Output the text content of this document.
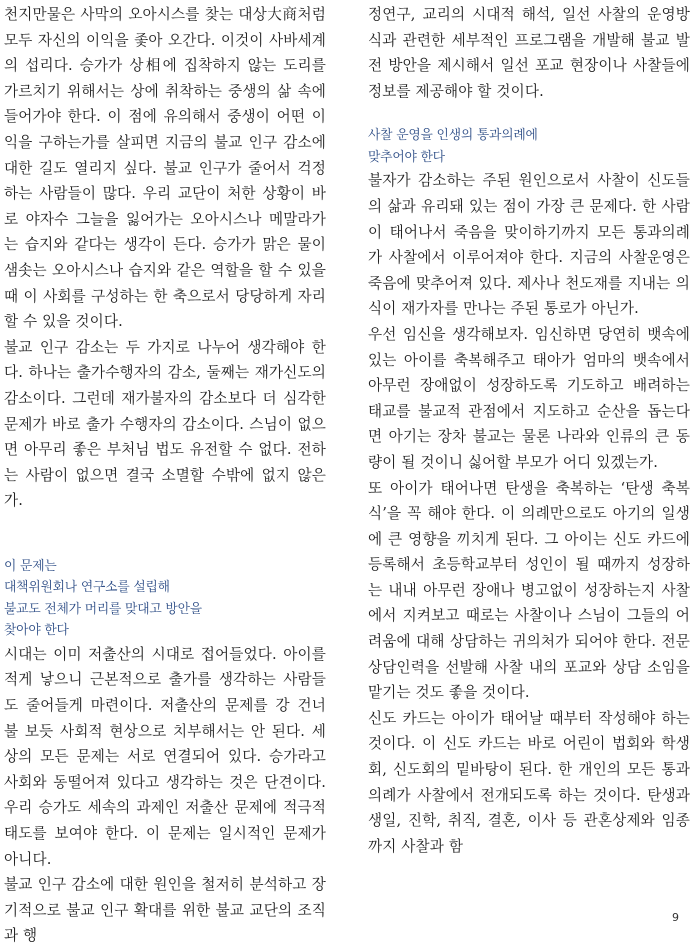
천지만물은 사막의 오아시스를 찾는 대상大商처럼 모두 자신의 이익을 좇아 오간다. 이것이 사바세계의 섭리다. 승가가 상相에 집착하지 않는 도리를 가르치기 위해서는 상에 취착하는 중생의 삶 속에 들어가야 한다. 이 점에 유의해서 중생이 어떤 이익을 구하는가를 살피면 지금의 불교 인구 감소에 대한 길도 열리지 싶다. 불교 인구가 줄어서 걱정하는 사람들이 많다. 우리 교단이 처한 상황이 바로 야자수 그늘을 잃어가는 오아시스나 메말라가는 습지와 같다는 생각이 든다. 승가가 맑은 물이 샘솟는 오아시스나 습지와 같은 역할을 할 수 있을 때 이 사회를 구성하는 한 축으로서 당당하게 자리할 수 있을 것이다.

불교 인구 감소는 두 가지로 나누어 생각해야 한다. 하나는 출가수행자의 감소, 둘째는 재가신도의 감소이다. 그런데 재가불자의 감소보다 더 심각한 문제가 바로 출가 수행자의 감소이다. 스님이 없으면 아무리 좋은 부처님 법도 유전할 수 없다. 전하는 사람이 없으면 결국 소멸할 수밖에 없지 않은가.

이 문제는
대책위원회나 연구소를 설립해
불교도 전체가 머리를 맞대고 방안을
찾아야 한다

시대는 이미 저출산의 시대로 접어들었다. 아이를 적게 낳으니 근본적으로 출가를 생각하는 사람들도 줄어들게 마련이다. 저출산의 문제를 강 건너 불 보듯 사회적 현상으로 치부해서는 안 된다. 세상의 모든 문제는 서로 연결되어 있다. 승가라고 사회와 동떨어져 있다고 생각하는 것은 단견이다. 우리 승가도 세속의 과제인 저출산 문제에 적극적 태도를 보여야 한다. 이 문제는 일시적인 문제가 아니다.

불교 인구 감소에 대한 원인을 철저히 분석하고 장기적으로 불교 인구 확대를 위한 불교 교단의 조직과 행

정연구, 교리의 시대적 해석, 일선 사찰의 운영방식과 관련한 세부적인 프로그램을 개발해 불교 발전 방안을 제시해서 일선 포교 현장이나 사찰들에 정보를 제공해야 할 것이다.

사찰 운영을 인생의 통과의례에
맞추어야 한다

불자가 감소하는 주된 원인으로서 사찰이 신도들의 삶과 유리돼 있는 점이 가장 큰 문제다. 한 사람이 태어나서 죽음을 맞이하기까지 모든 통과의례가 사찰에서 이루어져야 한다. 지금의 사찰운영은 죽음에 맞추어져 있다. 제사나 천도재를 지내는 의식이 재가자를 만나는 주된 통로가 아닌가.

우선 임신을 생각해보자. 임신하면 당연히 뱃속에 있는 아이를 축복해주고 태아가 엄마의 뱃속에서 아무런 장애없이 성장하도록 기도하고 배려하는 태교를 불교적 관점에서 지도하고 순산을 돕는다면 아기는 장차 불교는 물론 나라와 인류의 큰 동량이 될 것이니 싫어할 부모가 어디 있겠는가.

또 아이가 태어나면 탄생을 축복하는 ‘탄생 축복식’을 꼭 해야 한다. 이 의례만으로도 아기의 일생에 큰 영향을 끼치게 된다. 그 아이는 신도 카드에 등록해서 초등학교부터 성인이 될 때까지 성장하는 내내 아무런 장애나 병고없이 성장하는지 사찰에서 지켜보고 때로는 사찰이나 스님이 그들의 어려움에 대해 상담하는 귀의처가 되어야 한다. 전문상담인력을 선발해 사찰 내의 포교와 상담 소임을 맡기는 것도 좋을 것이다.

신도 카드는 아이가 태어날 때부터 작성해야 하는 것이다. 이 신도 카드는 바로 어린이 법회와 학생회, 신도회의 밑바탕이 된다. 한 개인의 모든 통과의례가 사찰에서 전개되도록 하는 것이다. 탄생과 생일, 진학, 취직, 결혼, 이사 등 관혼상제와 임종까지 사찰과 함

9
